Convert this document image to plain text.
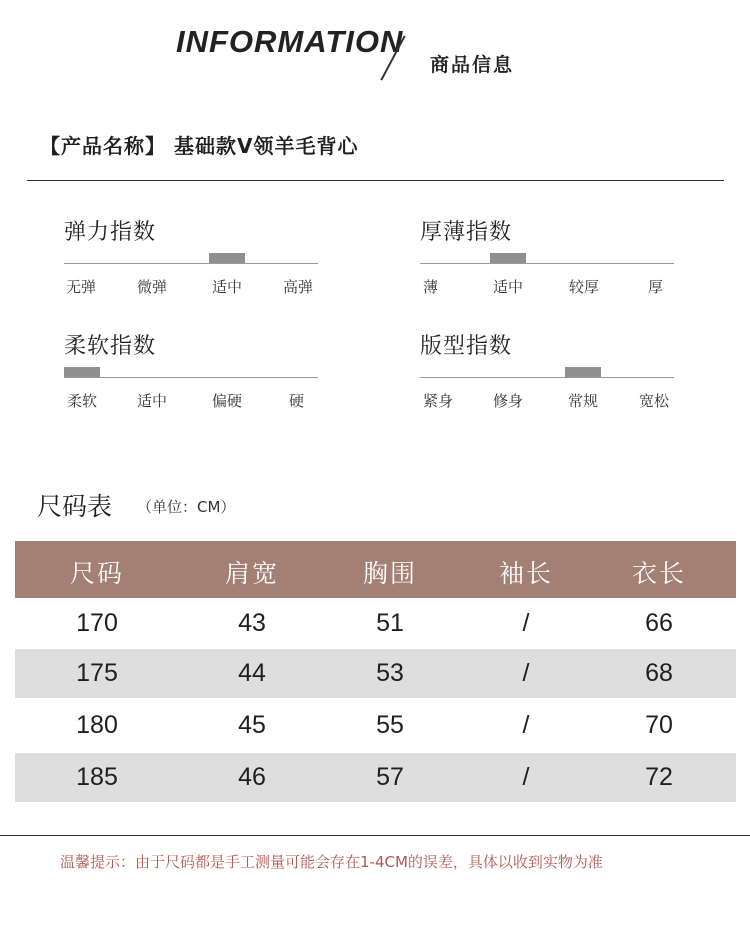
INFORMATION
商品信息
【产品名称】 基础款V领羊毛背心
弹力指数
无弹	微弹	适中	高弹
厚薄指数
薄	适中	较厚	厚
柔软指数
柔软	适中	偏硬	硬
版型指数
紧身	修身	常规	宽松
尺码表 （单位：CM）
尺码	肩宽	胸围	袖长	衣长
170	43	51	/	66
175	44	53	/	68
180	45	55	/	70
185	46	57	/	72
温馨提示：由于尺码都是手工测量可能会存在1-4CM的误差，具体以收到实物为准
